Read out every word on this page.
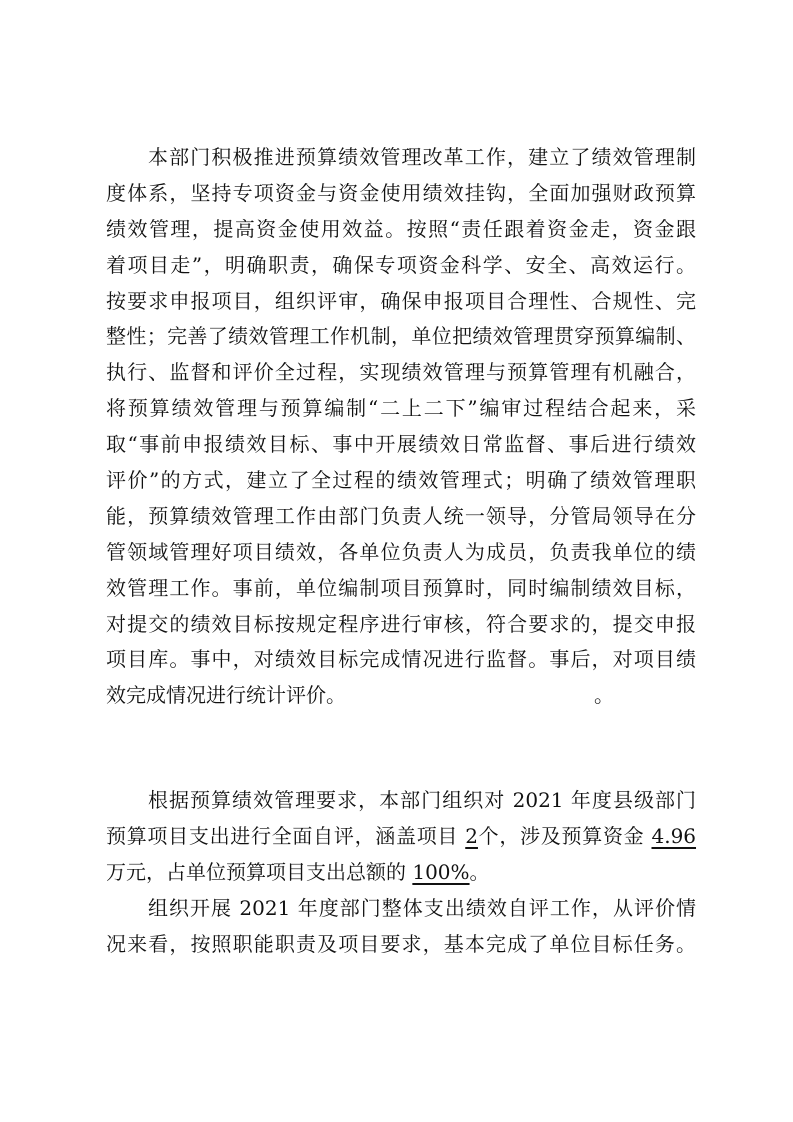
本部门积极推进预算绩效管理改革工作，建立了绩效管理制
度体系，坚持专项资金与资金使用绩效挂钩，全面加强财政预算
绩效管理，提高资金使用效益。按照“责任跟着资金走，资金跟
着项目走”，明确职责，确保专项资金科学、安全、高效运行。
按要求申报项目，组织评审，确保申报项目合理性、合规性、完
整性；完善了绩效管理工作机制，单位把绩效管理贯穿预算编制、
执行、监督和评价全过程，实现绩效管理与预算管理有机融合，
将预算绩效管理与预算编制“二上二下”编审过程结合起来，采
取“事前申报绩效目标、事中开展绩效日常监督、事后进行绩效
评价”的方式，建立了全过程的绩效管理式；明确了绩效管理职
能，预算绩效管理工作由部门负责人统一领导，分管局领导在分
管领域管理好项目绩效，各单位负责人为成员，负责我单位的绩
效管理工作。事前，单位编制项目预算时，同时编制绩效目标，
对提交的绩效目标按规定程序进行审核，符合要求的，提交申报
项目库。事中，对绩效目标完成情况进行监督。事后，对项目绩
效完成情况进行统计评价。	。
根据预算绩效管理要求，本部门组织对 2021 年度县级部门
预算项目支出进行全面自评，涵盖项目 2个，涉及预算资金 4.96
万元，占单位预算项目支出总额的 100%。
组织开展 2021 年度部门整体支出绩效自评工作，从评价情
况来看，按照职能职责及项目要求，基本完成了单位目标任务。
